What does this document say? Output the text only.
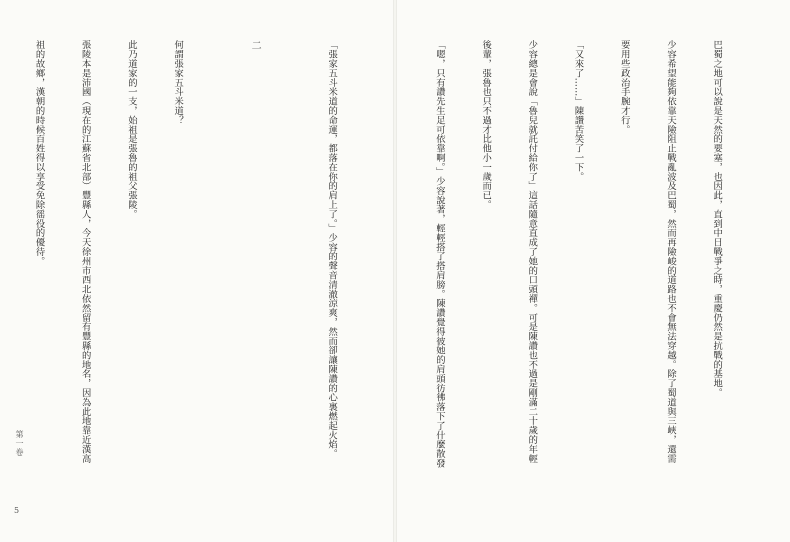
第一卷
5

巴蜀之地可以說是天然的要塞，也因此，直到中日戰爭之時，重慶仍然是抗戰的基地。

少容希望能夠依靠天險阻止戰亂波及巴蜀，然而再險峻的道路也不會無法穿越。除了蜀道與三峽，還需

要用些政治手腕才行。

「又來了……」陳讚苦笑了一下。

少容總是會說「魯兒就託付給你了」這話隨意直成了她的口頭禪。可是陳讚也不過是剛滿二十歲的年輕

後輩，張魯也只不過才比他小一歲而已。

「嗯，只有讚先生足可依靠啊。」少容說著，輕輕搭了搭肩膀。陳讚覺得彼她的肩頭彷彿落下了什麼散發

「張家五斗米道的命運，都落在你的肩上了。」少容的聲音清澈涼爽，然而卻讓陳讚的心裏燃起火焰。

二

何謂張家五斗米道？

此乃道家的一支，始祖是張魯的祖父張陵。

張陵本是沛國（現在的江蘇省北部）豐縣人，今天徐州市西北依然留有豐縣的地名，因為此地靠近漢高

祖的故鄉，漢朝的時候百姓得以享受免除徭役的優待。
